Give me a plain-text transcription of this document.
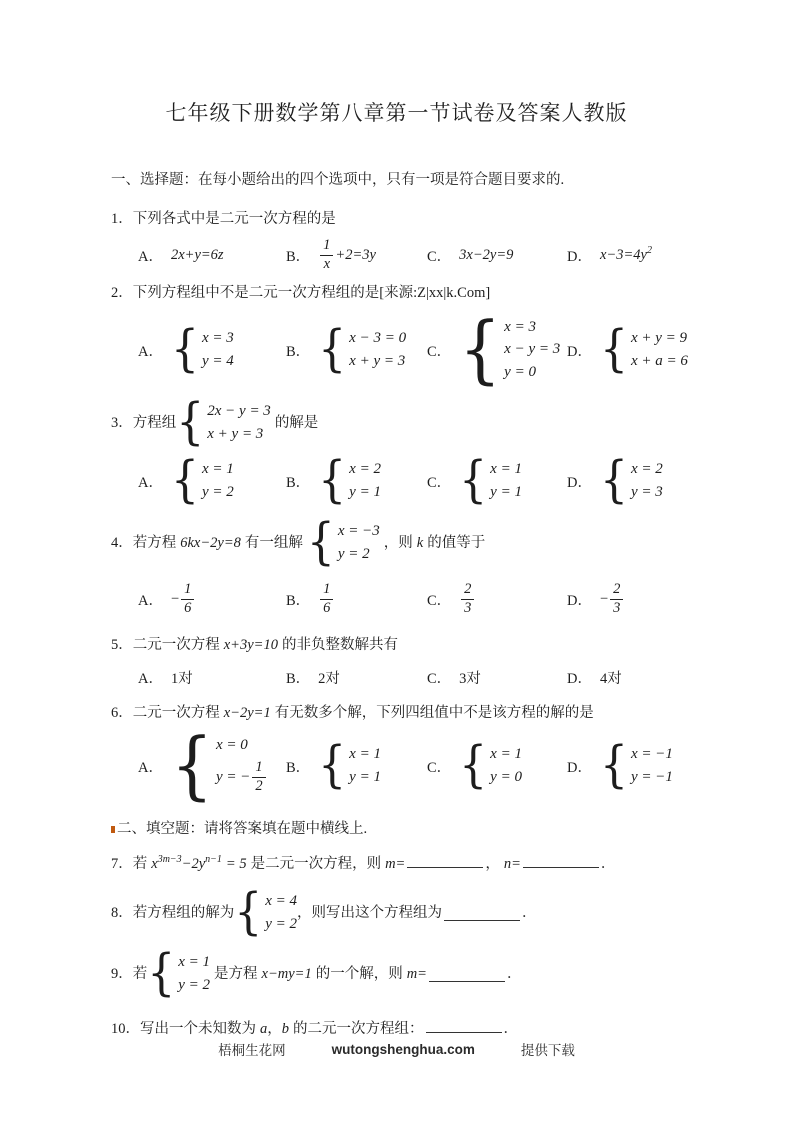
七年级下册数学第八章第一节试卷及答案人教版
一、选择题：在每小题给出的四个选项中，只有一项是符合题目要求的.
1．下列各式中是二元一次方程的是
A． 2x+y=6z	B． $\frac{1}{x} +2=3y$	C． 3x−2y=9	D． $x-3=4y^2$
2．下列方程组中不是二元一次方程组的是[来源:Z|xx|k.Com]
A．
{ x = 3
y = 4
B．
{ x − 3 = 0
x + y = 3
C．
{ x = 3
x − y = 3
y = 0
D．
{ x + y = 9
x + a = 6
3．方程组
{ 2x − y = 3
x + y = 3
的解是
A．
{ x = 1
y = 2
B．
{ x = 2
y = 1
C．
{ x = 1
y = 1
D．
{ x = 2
y = 3
4．若方程 6kx−2y=8 有一组解
{ x = −3
y = 2
，则 k 的值等于
A． − $\frac{1}{6}$	B． $\frac{1}{6}$	C． $\frac{2}{3}$	D． − $\frac{2}{3}$
5．二元一次方程 x+3y=10 的非负整数解共有
A． 1对	B． 2对	C． 3对	D． 4对
6．二元一次方程 x−2y=1 有无数多个解，下列四组值中不是该方程的解的是
A．
{ x = 0
y = − $\frac{1}{2}$ B．
{ x = 1
y = 1
C．
{ x = 1
y = 0
D．
{ x = −1
y = −1
二、填空题：请将答案填在题中横线上.
7．若 $x^{3m-3} -2y^{n-1} = 5$ 是二元一次方程，则 m=	， n=	．
8．若方程组的解为
{ x = 4
y = 2
，则写出这个方程组为	．
9．若
{ x = 1
y = 2
是方程 x−my=1 的一个解，则 m=	．
10．写出一个未知数为 a ， b 的二元一次方程组：	．
梧桐生花网	wutongshenghua.com	提供下载
